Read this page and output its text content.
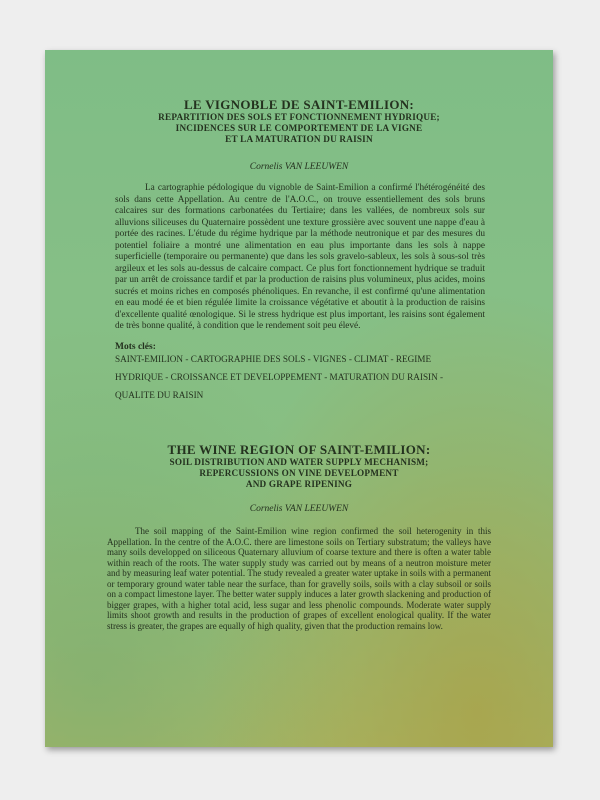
LE VIGNOBLE DE SAINT-EMILION:
REPARTITION DES SOLS ET FONCTIONNEMENT HYDRIQUE;
INCIDENCES SUR LE COMPORTEMENT DE LA VIGNE
ET LA MATURATION DU RAISIN
Cornelis VAN LEEUWEN

La cartographie pédologique du vignoble de Saint-Emilion a confirmé l'hétérogénéité des sols dans cette Appellation. Au centre de l'A.O.C., on trouve essentiellement des sols bruns calcaires sur des formations carbonatées du Tertiaire; dans les vallées, de nombreux sols sur alluvions siliceuses du Quaternaire possèdent une texture grossière avec souvent une nappe d'eau à portée des racines. L'étude du régime hydrique par la méthode neutronique et par des mesures du potentiel foliaire a montré une alimentation en eau plus importante dans les sols à nappe superficielle (temporaire ou permanente) que dans les sols gravelo-sableux, les sols à sous-sol très argileux et les sols au-dessus de calcaire compact. Ce plus fort fonctionnement hydrique se traduit par un arrêt de croissance tardif et par la production de raisins plus volumineux, plus acides, moins sucrés et moins riches en composés phénoliques. En revanche, il est confirmé qu'une alimentation en eau modé ée et bien régulée limite la croissance végétative et aboutit à la production de raisins d'excellente qualité œnologique. Si le stress hydrique est plus important, les raisins sont également de très bonne qualité, à condition que le rendement soit peu élevé.

Mots clés:
SAINT-EMILION - CARTOGRAPHIE DES SOLS - VIGNES - CLIMAT - REGIME
HYDRIQUE - CROISSANCE ET DEVELOPPEMENT - MATURATION DU RAISIN -
QUALITE DU RAISIN
THE WINE REGION OF SAINT-EMILION:
SOIL DISTRIBUTION AND WATER SUPPLY MECHANISM;
REPERCUSSIONS ON VINE DEVELOPMENT
AND GRAPE RIPENING
Cornelis VAN LEEUWEN

The soil mapping of the Saint-Emilion wine region confirmed the soil heterogenity in this Appellation. In the centre of the A.O.C. there are limestone soils on Tertiary substratum; the valleys have many soils developped on siliceous Quaternary alluvium of coarse texture and there is often a water table within reach of the roots. The water supply study was carried out by means of a neutron moisture meter and by measuring leaf water potential. The study revealed a greater water uptake in soils with a permanent or temporary ground water table near the surface, than for gravelly soils, soils with a clay subsoil or soils on a compact limestone layer. The better water supply induces a later growth slackening and production of bigger grapes, with a higher total acid, less sugar and less phenolic compounds. Moderate water supply limits shoot growth and results in the production of grapes of excellent enological quality. If the water stress is greater, the grapes are equally of high quality, given that the production remains low.
